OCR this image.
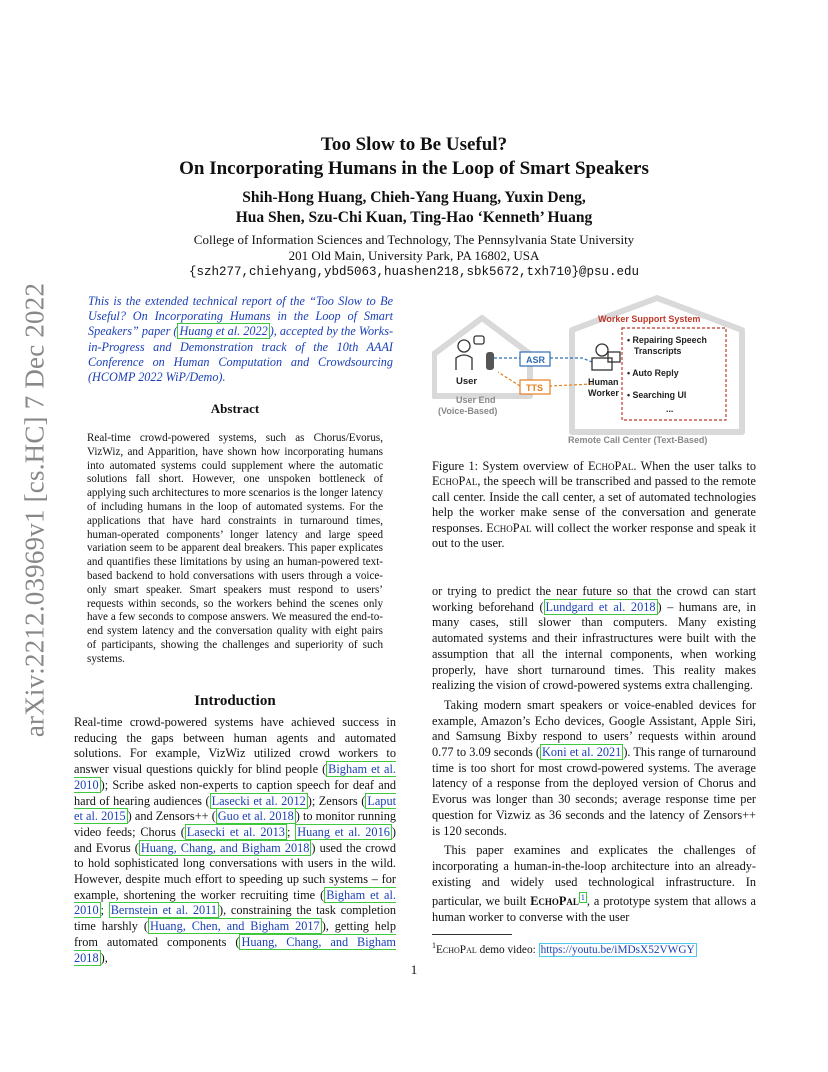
arXiv:2212.03969v1 [cs.HC] 7 Dec 2022
Too Slow to Be Useful?
On Incorporating Humans in the Loop of Smart Speakers
Shih-Hong Huang, Chieh-Yang Huang, Yuxin Deng,
Hua Shen, Szu-Chi Kuan, Ting-Hao ‘Kenneth’ Huang
College of Information Sciences and Technology, The Pennsylvania State University
201 Old Main, University Park, PA 16802, USA
{szh277,chiehyang,ybd5063,huashen218,sbk5672,txh710}@psu.edu
This is the extended technical report of the “Too Slow to Be Useful? On Incorporating Humans in the Loop of Smart Speakers” paper ( Huang et al. 2022 ), accepted by the Works-in-Progress and Demonstration track of the 10th AAAI Conference on Human Computation and Crowdsourcing (HCOMP 2022 WiP/Demo).
Abstract
Real-time crowd-powered systems, such as Chorus/Evorus, VizWiz, and Apparition, have shown how incorporating humans into automated systems could supplement where the automatic solutions fall short. However, one unspoken bottleneck of applying such architectures to more scenarios is the longer latency of including humans in the loop of automated systems. For the applications that have hard constraints in turnaround times, human-operated components’ longer latency and large speed variation seem to be apparent deal breakers. This paper explicates and quantifies these limitations by using an human-powered text-based backend to hold conversations with users through a voice-only smart speaker. Smart speakers must respond to users’ requests within seconds, so the workers behind the scenes only have a few seconds to compose answers. We measured the end-to-end system latency and the conversation quality with eight pairs of participants, showing the challenges and superiority of such systems.
Introduction
Real-time crowd-powered systems have achieved success in reducing the gaps between human agents and automated solutions. For example, VizWiz utilized crowd workers to answer visual questions quickly for blind people ( Bigham et al. 2010 ); Scribe asked non-experts to caption speech for deaf and hard of hearing audiences ( Lasecki et al. 2012 ); Zensors ( Laput et al. 2015 ) and Zensors++ ( Guo et al. 2018 ) to monitor running video feeds; Chorus ( Lasecki et al. 2013 ; Huang et al. 2016 ) and Evorus ( Huang, Chang, and Bigham 2018 ) used the crowd to hold sophisticated long conversations with users in the wild. However, despite much effort to speeding up such systems – for example, shortening the worker recruiting time ( Bigham et al. 2010 ; Bernstein et al. 2011 ), constraining the task completion time harshly ( Huang, Chen, and Bigham 2017 ), getting help from automated components ( Huang, Chang, and Bigham 2018 ),
User
ASR
TTS
Human
Worker
Worker Support System
• Repairing Speech
Transcripts
• Auto Reply
• Searching UI
...
User End
(Voice-Based)
Remote Call Center (Text-Based)
Figure 1: System overview of EchoPal. When the user talks to EchoPal, the speech will be transcribed and passed to the remote call center. Inside the call center, a set of automated technologies help the worker make sense of the conversation and generate responses. EchoPal will collect the worker response and speak it out to the user.

or trying to predict the near future so that the crowd can start working beforehand ( Lundgard et al. 2018 ) – humans are, in many cases, still slower than computers. Many existing automated systems and their infrastructures were built with the assumption that all the internal components, when working properly, have short turnaround times. This reality makes realizing the vision of crowd-powered systems extra challenging.

Taking modern smart speakers or voice-enabled devices for example, Amazon’s Echo devices, Google Assistant, Apple Siri, and Samsung Bixby respond to users’ requests within around 0.77 to 3.09 seconds ( Koni et al. 2021 ). This range of turnaround time is too short for most crowd-powered systems. The average latency of a response from the deployed version of Chorus and Evorus was longer than 30 seconds; average response time per question for Vizwiz as 36 seconds and the latency of Zensors++ is 120 seconds.

This paper examines and explicates the challenges of incorporating a human-in-the-loop architecture into an already-existing and widely used technological infrastructure. In particular, we built EchoPal $^1$ , a prototype system that allows a human worker to converse with the user

$^1$EchoPal demo video: https://youtu.be/iMDsX52VWGY
1
